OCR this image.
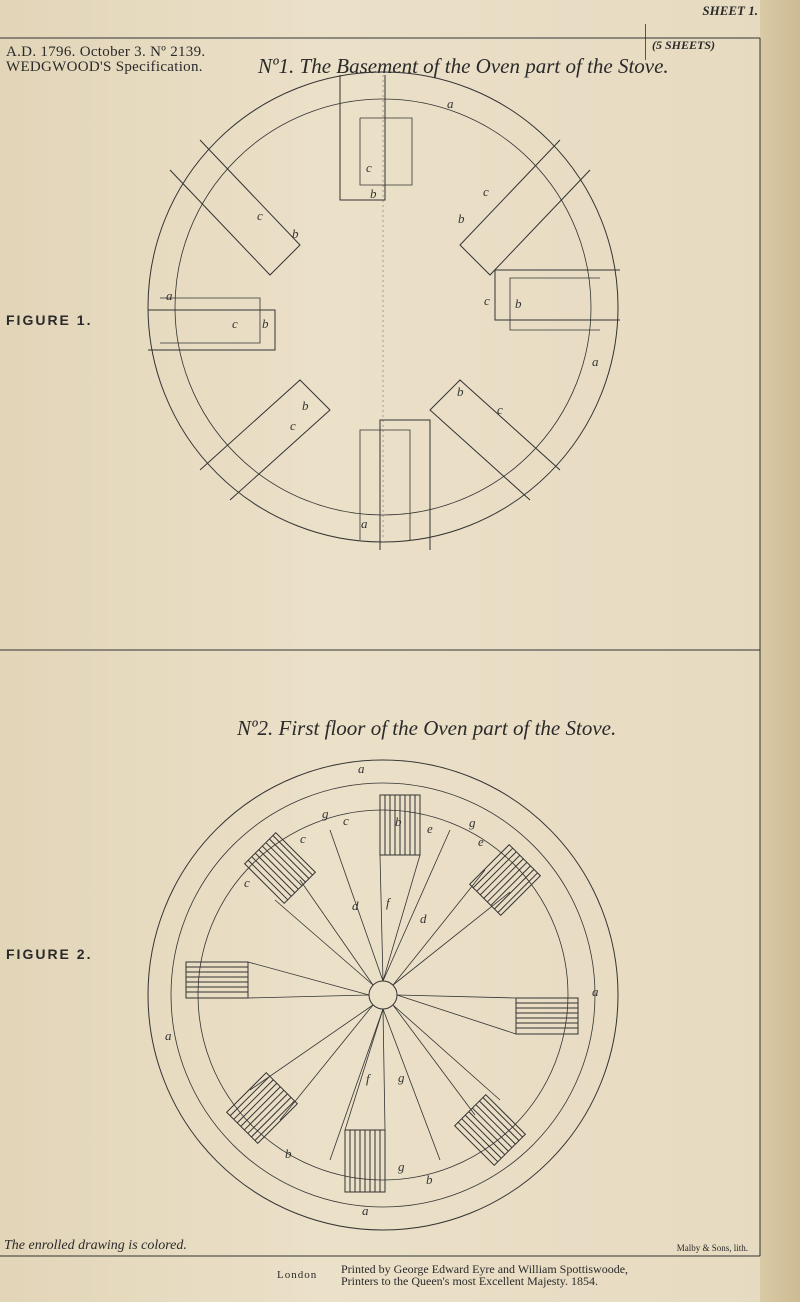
A.D. 1796. October 3. Nº 2139.
WEDGWOOD'S Specification.
SHEET 1.
(5 SHEETS)
Nº1. The Basement of the Oven part of the Stove.
FIGURE 1.
Nº2. First floor of the Oven part of the Stove.
FIGURE 2.
a
c
b	c
b
b
c
a
c b
a
b
c
b
c
b
c
a
a
g c	b e	g
c	e
c
d f
d
a
a
f g
b
g
b
a
The enrolled drawing is colored.	Malby & Sons, lith.
London Printed by George Edward Eyre and William Spottiswoode,
Printers to the Queen's most Excellent Majesty. 1854.
